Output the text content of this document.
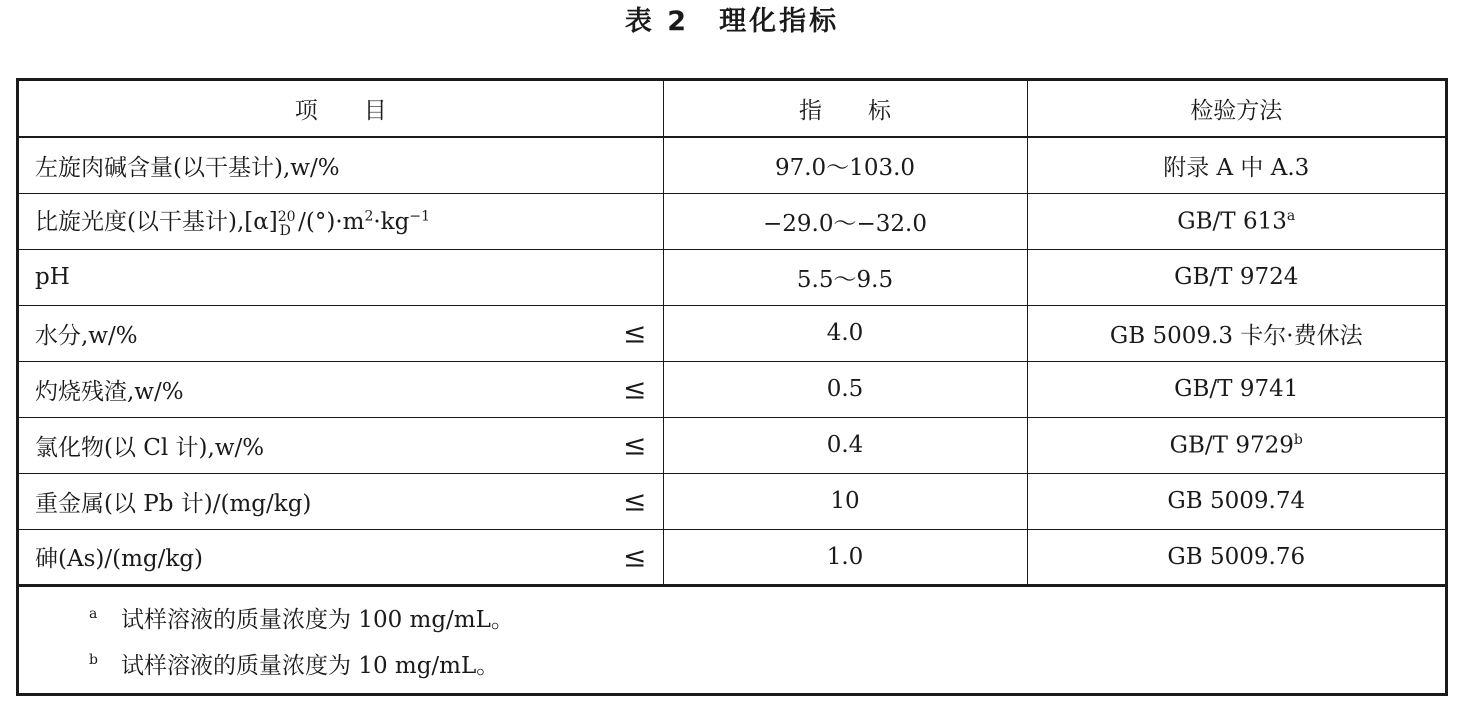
表 2 理化指标
项　　目	指　　标	检验方法
左旋肉碱含量(以干基计),w/%	97.0～103.0	附录 A 中 A.3
比旋光度(以干基计)$,[\alpha]^{20}_D$ $/(^\circ)\cdot m^2\cdot kg^{-1}$	−29.0～−32.0	GB/T 613$^a$
pH	5.5～9.5	GB/T 9724
水分,w/% ≤	4.0	GB 5009.3 卡尔·费休法
灼烧残渣,w/% ≤	0.5	GB/T 9741
氯化物(以 Cl 计),w/% ≤	0.4	GB/T 9729$^b$
重金属(以 Pb 计)/(mg/kg) ≤	10	GB 5009.74
砷(As)/(mg/kg) ≤	1.0	GB 5009.76
a 试样溶液的质量浓度为 100 mg/mL。
b 试样溶液的质量浓度为 10 mg/mL。
